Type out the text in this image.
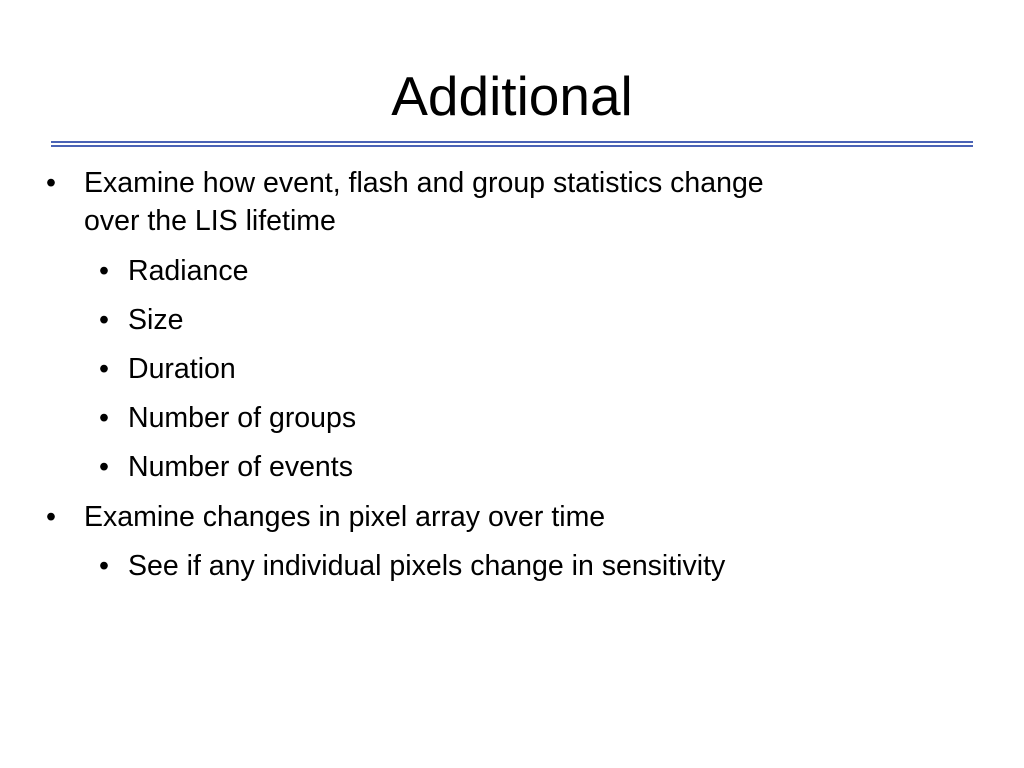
Additional
• Examine how event, flash and group statistics change
over the LIS lifetime
• Radiance
• Size
• Duration
• Number of groups
• Number of events
• Examine changes in pixel array over time
• See if any individual pixels change in sensitivity
